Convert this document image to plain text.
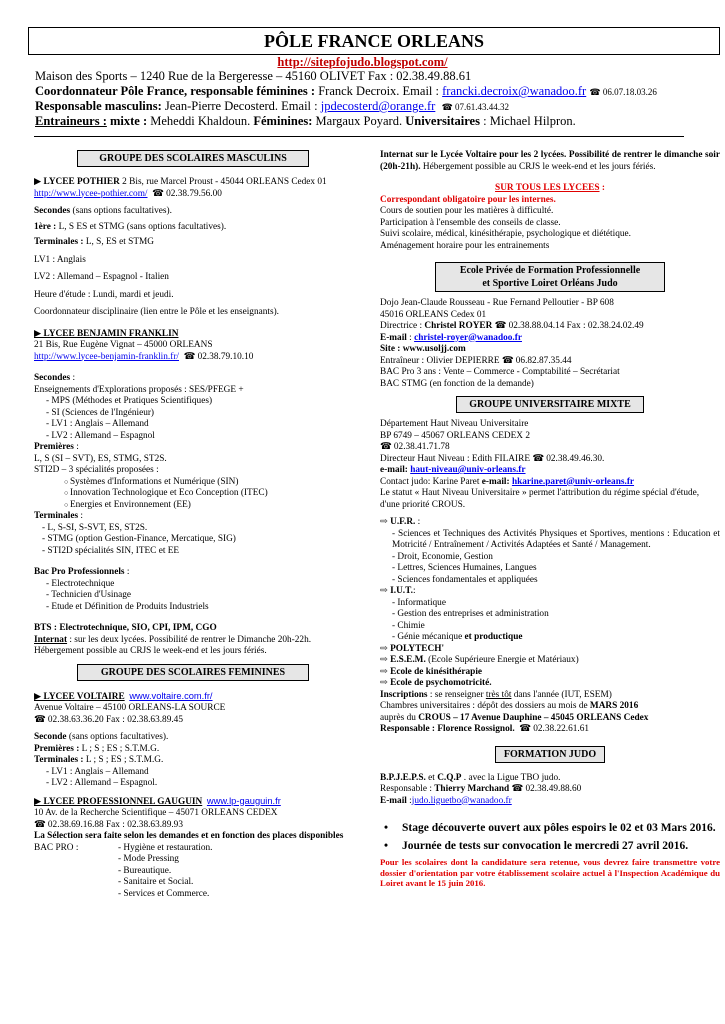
PÔLE FRANCE ORLEANS
http://sitepfojudo.blogspot.com/
Maison des Sports – 1240 Rue de la Bergeresse – 45160 OLIVET Fax : 02.38.49.88.61
Coordonnateur Pôle France, responsable féminines : Franck Decroix. Email : francki.decroix@wanadoo.fr ☎ 06.07.18.03.26
Responsable masculins: Jean-Pierre Decosterd. Email : jpdecosterd@orange.fr ☎ 07.61.43.44.32
Entraineurs : mixte : Meheddi Khaldoun. Féminines: Margaux Poyard. Universitaires : Michael Hilpron.
GROUPE DES SCOLAIRES MASCULINS

▶ LYCEE POTHIER 2 Bis, rue Marcel Proust - 45044 ORLEANS Cedex 01 http://www.lycee-pothier.com/ ☎ 02.38.79.56.00

Secondes (sans options facultatives).

1ère : L, S ES et STMG (sans options facultatives).

Terminales : L, S, ES et STMG

LV1 : Anglais

LV2 : Allemand – Espagnol - Italien

Heure d'étude : Lundi, mardi et jeudi.

Coordonnateur disciplinaire (lien entre le Pôle et les enseignants).

▶ LYCEE BENJAMIN FRANKLIN

21 Bis, Rue Eugène Vignat – 45000 ORLEANS

http://www.lycee-benjamin-franklin.fr/ ☎ 02.38.79.10.10

Secondes :

Enseignements d'Explorations proposés : SES/PFEGE +

- MPS (Méthodes et Pratiques Scientifiques)
- SI (Sciences de l'Ingénieur)
- LV1 : Anglais – Allemand
- LV2 : Allemand – Espagnol

Premières :

L, S (SI – SVT), ES, STMG, ST2S.

STI2D – 3 spécialités proposées :

○ Systèmes d'Informations et Numérique (SIN)
○ Innovation Technologique et Eco Conception (ITEC)
○ Energies et Environnement (EE)

Terminales :

- L, S-SI, S-SVT, ES, ST2S.
- STMG (option Gestion-Finance, Mercatique, SIG)
- STI2D spécialités SIN, ITEC et EE

Bac Pro Professionnels :

- Electrotechnique
- Technicien d'Usinage
- Etude et Définition de Produits Industriels

BTS : Electrotechnique, SIO, CPI, IPM, CGO

Internat : sur les deux lycées. Possibilité de rentrer le Dimanche 20h-22h. Hébergement possible au CRJS le week-end et les jours fériés.

GROUPE DES SCOLAIRES FEMININES

▶ LYCEE VOLTAIRE www.voltaire.com.fr/

Avenue Voltaire – 45100 ORLEANS-LA SOURCE

☎ 02.38.63.36.20 Fax : 02.38.63.89.45

Seconde (sans options facultatives).

Premières : L ; S ; ES ; S.T.M.G.

Terminales : L ; S ; ES ; S.T.M.G.

- LV1 : Anglais – Allemand
- LV2 : Allemand – Espagnol.

▶ LYCEE PROFESSIONNEL GAUGUIN www.lp-gauguin.fr

10 Av. de la Recherche Scientifique – 45071 ORLEANS CEDEX

☎ 02.38.69.16.88 Fax : 02.38.63.89.93

La Sélection sera faite selon les demandes et en fonction des places disponibles

BAC PRO :	- Hygiène et restauration.

- Mode Pressing

- Bureautique.

- Sanitaire et Social.

- Services et Commerce.

Internat sur le Lycée Voltaire pour les 2 lycées. Possibilité de rentrer le dimanche soir (20h-21h). Hébergement possible au CRJS le week-end et les jours fériés.

SUR TOUS LES LYCEES :

Correspondant obligatoire pour les internes.

Cours de soutien pour les matières à difficulté.

Participation à l'ensemble des conseils de classe.

Suivi scolaire, médical, kinésithérapie, psychologique et diététique.

Aménagement horaire pour les entrainements

Ecole Privée de Formation Professionnelle
et Sportive Loiret Orléans Judo

Dojo Jean-Claude Rousseau - Rue Fernand Pelloutier - BP 608

45016 ORLEANS Cedex 01

Directrice : Christel ROYER ☎ 02.38.88.04.14 Fax : 02.38.24.02.49

E-mail : christel-royer@wanadoo.fr

Site : www.usoljj.com

Entraîneur : Olivier DEPIERRE ☎ 06.82.87.35.44

BAC Pro 3 ans : Vente – Commerce - Comptabilité – Secrétariat

BAC STMG (en fonction de la demande)

GROUPE UNIVERSITAIRE MIXTE

Département Haut Niveau Universitaire

BP 6749 – 45067 ORLEANS CEDEX 2

☎ 02.38.41.71.78

Directeur Haut Niveau : Edith FILAIRE ☎ 02.38.49.46.30.

e-mail: haut-niveau@univ-orleans.fr

Contact judo: Karine Paret e-mail: hkarine.paret@univ-orleans.fr

Le statut « Haut Niveau Universitaire » permet l'attribution du régime spécial d'étude, d'une priorité CROUS.

⇨ U.F.R. :

- Sciences et Techniques des Activités Physiques et Sportives, mentions : Education et Motricité / Entraînement / Activités Adaptées et Santé / Management.
- Droit, Economie, Gestion
- Lettres, Sciences Humaines, Langues
- Sciences fondamentales et appliquées

⇨ I.U.T.:

- Informatique
- Gestion des entreprises et administration
- Chimie
- Génie mécanique et productique

⇨ POLYTECH'

⇨ E.S.E.M. (Ecole Supérieure Energie et Matériaux)

⇨ Ecole de kinésithérapie

⇨ Ecole de psychomotricité.

Inscriptions : se renseigner très tôt dans l'année (IUT, ESEM)

Chambres universitaires : dépôt des dossiers au mois de MARS 2016

auprès du CROUS – 17 Avenue Dauphine – 45045 ORLEANS Cedex

Responsable : Florence Rossignol. ☎ 02.38.22.61.61

FORMATION JUDO

B.P.J.E.P.S. et C.Q.P . avec la Ligue TBO judo.

Responsable : Thierry Marchand ☎ 02.38.49.88.60

E-mail :judo.liguetbo@wanadoo.fr

• Stage découverte ouvert aux pôles espoirs le 02 et 03 Mars 2016.
• Journée de tests sur convocation le mercredi 27 avril 2016.

Pour les scolaires dont la candidature sera retenue, vous devrez faire transmettre votre dossier d'orientation par votre établissement scolaire actuel à l'Inspection Académique du Loiret avant le 15 juin 2016.
